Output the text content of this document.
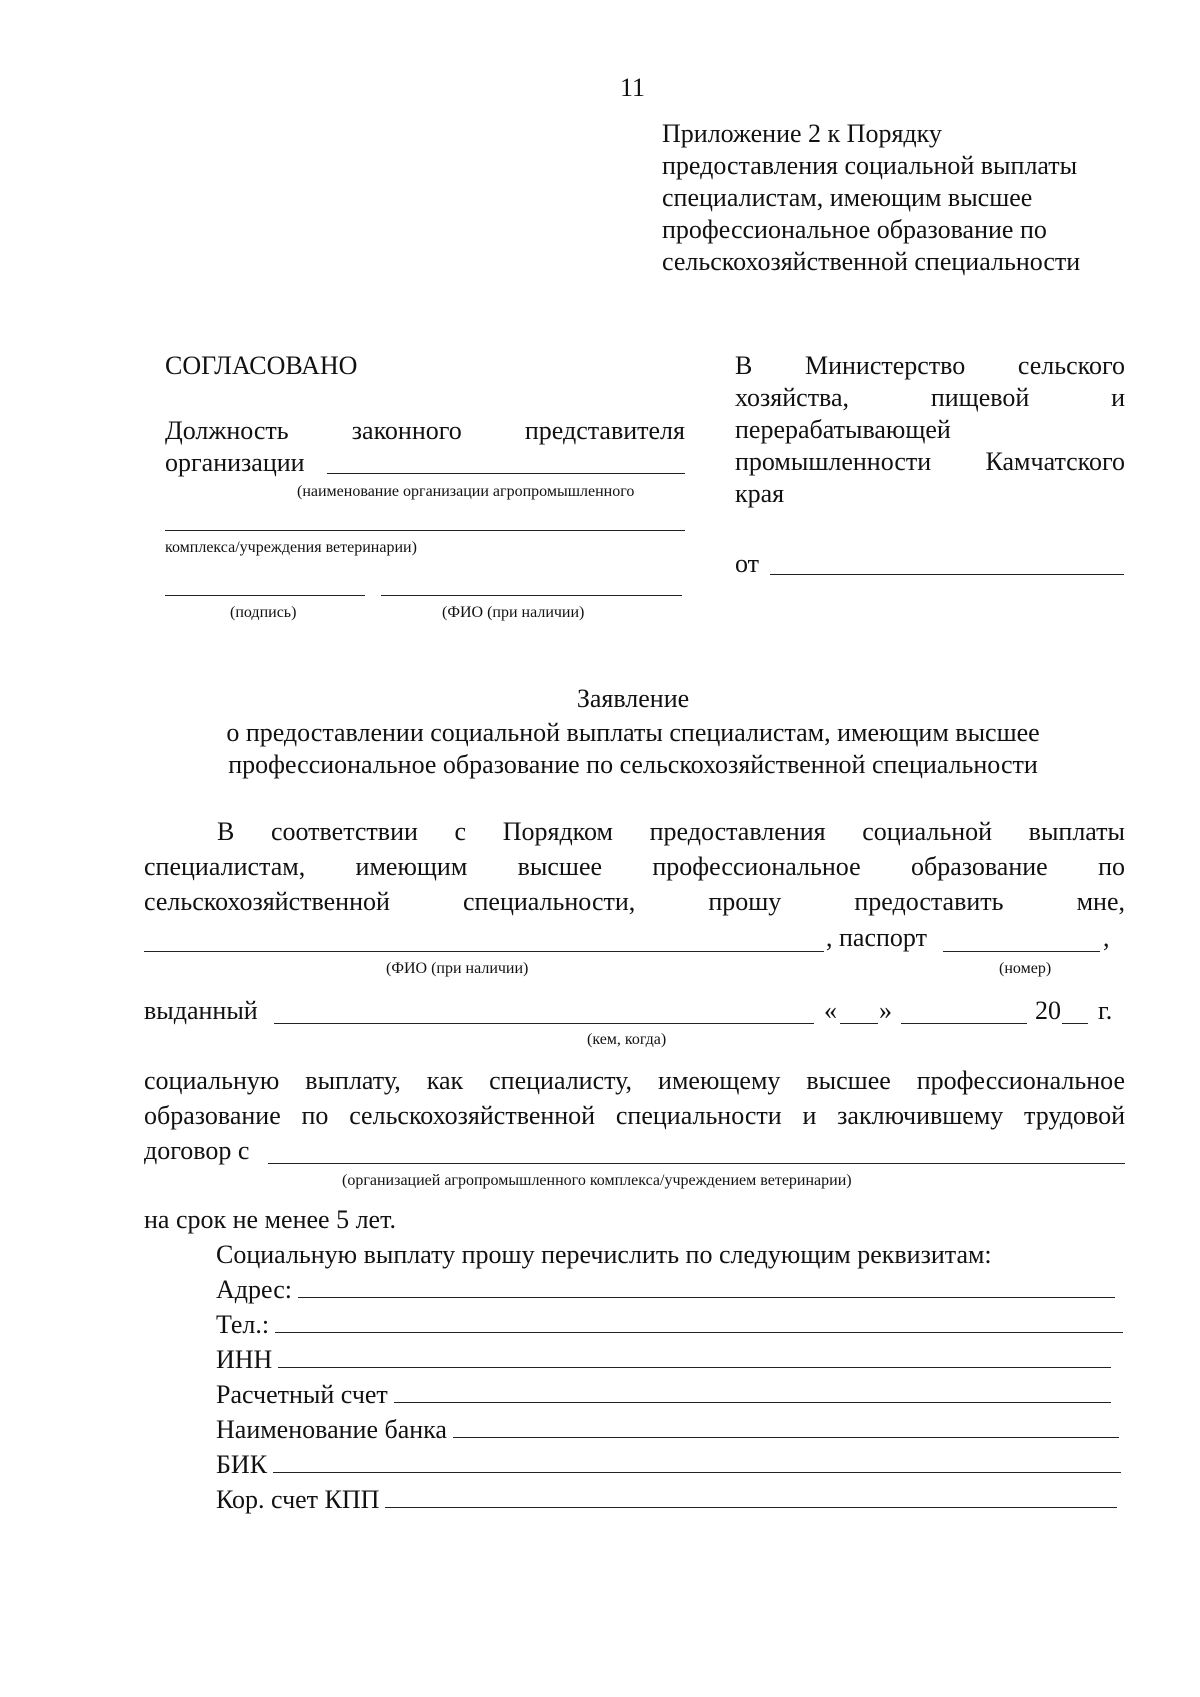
11
Приложение 2 к Порядку
предоставления социальной выплаты
специалистам, имеющим высшее
профессиональное образование по
сельскохозяйственной специальности
СОГЛАСОВАНО
Должность законного представителя
организации
(наименование организации агропромышленного
комплекса/учреждения ветеринарии)
(подпись)	(ФИО (при наличии)
В Министерство сельского
хозяйства, пищевой и
перерабатывающей
промышленности Камчатского
края
от
Заявление
о предоставлении социальной выплаты специалистам, имеющим высшее
профессиональное образование по сельскохозяйственной специальности
В соответствии с Порядком предоставления социальной выплаты
специалистам, имеющим высшее профессиональное образование по
сельскохозяйственной специальности, прошу предоставить мне,
, паспорт	,
(ФИО (при наличии)	(номер)
выданный	« »	20 г.
(кем, когда)
социальную выплату, как специалисту, имеющему высшее профессиональное
образование по сельскохозяйственной специальности и заключившему трудовой
договор с
(организацией агропромышленного комплекса/учреждением ветеринарии)
на срок не менее 5 лет.
Социальную выплату прошу перечислить по следующим реквизитам:
Адрес:
Тел.:
ИНН
Расчетный счет
Наименование банка
БИК
Кор. счет КПП
